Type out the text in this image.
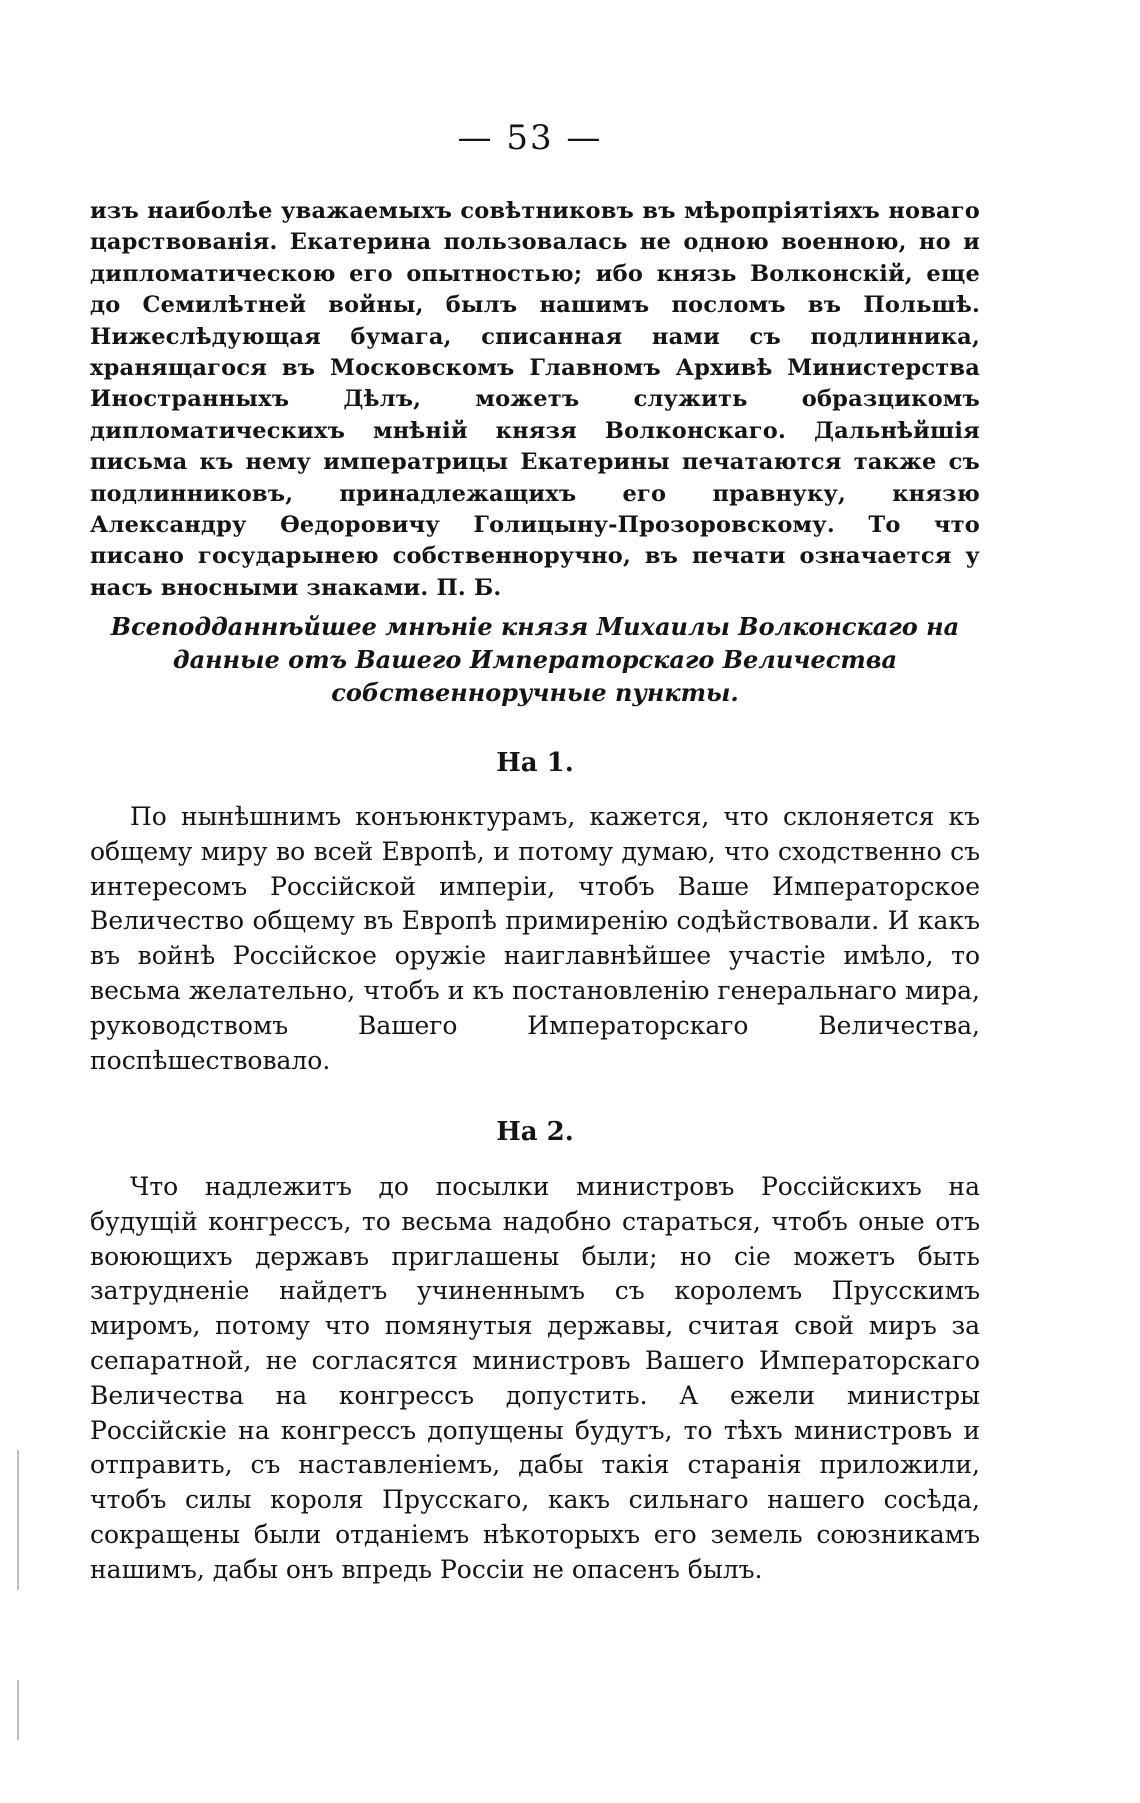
— 53 —

изъ наиболѣе уважаемыхъ совѣтниковъ въ мѣропріятіяхъ новаго царствованія. Екатерина пользовалась не одною военною, но и дипломатическою его опытностью; ибо князь Волконскій, еще до Семилѣтней войны, былъ нашимъ посломъ въ Польшѣ. Нижеслѣдующая бумага, списанная нами съ подлинника, хранящагося въ Московскомъ Главномъ Архивѣ Министерства Иностранныхъ Дѣлъ, можетъ служить образцикомъ дипломатическихъ мнѣній князя Волконскаго. Дальнѣйшія письма къ нему императрицы Екатерины печатаются также съ подлинниковъ, принадлежащихъ его правнуку, князю Александру Ѳедоровичу Голицыну-Прозоровскому. То что писано государынею собственноручно, въ печати означается у насъ вносными знаками. П. Б.

Всеподданнѣйшее мнѣніе князя Михаилы Волконскаго на данные отъ Вашего Императорскаго Величества собственноручные пункты.

На 1.

По нынѣшнимъ конъюнктурамъ, кажется, что склоняется къ общему миру во всей Европѣ, и потому думаю, что сходственно съ интересомъ Россійской имперіи, чтобъ Ваше Императорское Величество общему въ Европѣ примиренію содѣйствовали. И какъ въ войнѣ Россійское оружіе наиглавнѣйшее участіе имѣло, то весьма желательно, чтобъ и къ постановленію генеральнаго мира, руководствомъ Вашего Императорскаго Величества, поспѣшествовало.

На 2.

Что надлежитъ до посылки министровъ Россійскихъ на будущій конгрессъ, то весьма надобно стараться, чтобъ оные отъ воюющихъ державъ приглашены были; но сіе можетъ быть затрудненіе найдетъ учиненнымъ съ королемъ Прусскимъ миромъ, потому что помянутыя державы, считая свой миръ за сепаратной, не согласятся министровъ Вашего Императорскаго Величества на конгрессъ допустить. А ежели министры Россійскіе на конгрессъ допущены будутъ, то тѣхъ министровъ и отправить, съ наставленіемъ, дабы такія старанія приложили, чтобъ силы короля Прусскаго, какъ сильнаго нашего сосѣда, сокращены были отданіемъ нѣкоторыхъ его земель союзникамъ нашимъ, дабы онъ впредь Россіи не опасенъ былъ.
